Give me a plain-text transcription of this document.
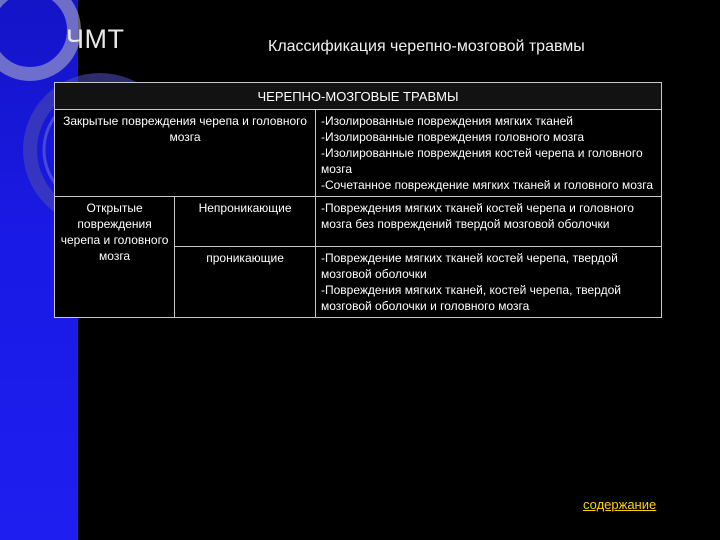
ЧМТ	Классификация черепно-мозговой травмы
ЧЕРЕПНО-МОЗГОВЫЕ ТРАВМЫ		
Закрытые повреждения черепа и головного мозга		-Изолированные повреждения мягких тканей
-Изолированные повреждения головного мозга
-Изолированные повреждения костей черепа и головного мозга
-Сочетанное повреждение мягких тканей и головного мозга

Открытые повреждения черепа и головного мозга	Непроникающие	-Повреждения мягких тканей костей черепа и головного мозга без повреждений твердой мозговой оболочки

	проникающие	-Повреждение мягких тканей костей черепа, твердой мозговой оболочки
-Повреждения мягких тканей, костей черепа, твердой мозговой оболочки и головного мозга
содержание
